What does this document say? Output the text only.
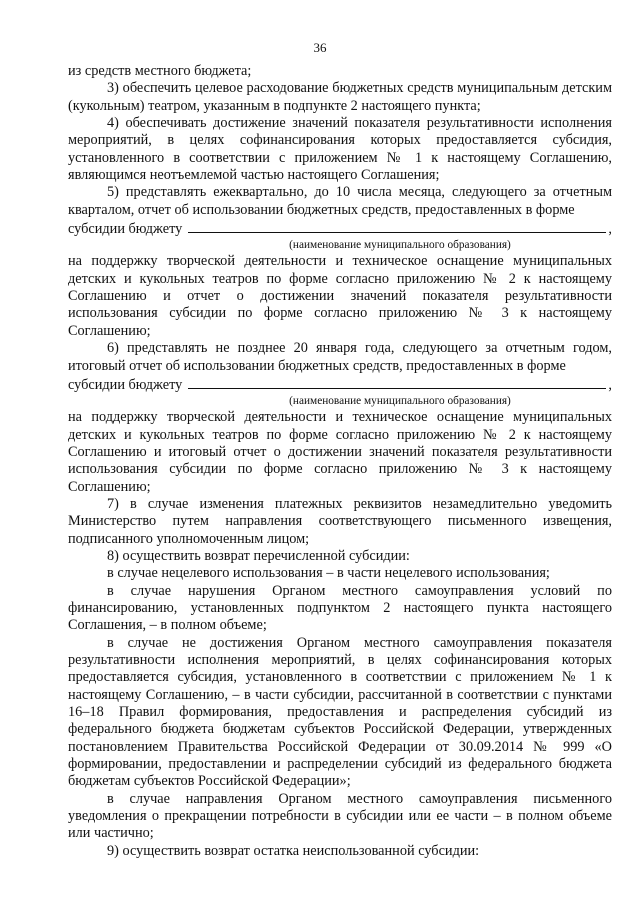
36

из средств местного бюджета;

3) обеспечить целевое расходование бюджетных средств муниципальным детским (кукольным) театром, указанным в подпункте 2 настоящего пункта;

4) обеспечивать достижение значений показателя результативности исполнения мероприятий, в целях софинансирования которых предоставляется субсидия, установленного в соответствии с приложением № 1 к настоящему Соглашению, являющимся неотъемлемой частью настоящего Соглашения;

5) представлять ежеквартально, до 10 числа месяца, следующего за отчетным кварталом, отчет об использовании бюджетных средств, предоставленных в форме

субсидии бюджету	,
(наименование муниципального образования)

на поддержку творческой деятельности и техническое оснащение муниципальных детских и кукольных театров по форме согласно приложению № 2 к настоящему Соглашению и отчет о достижении значений показателя результативности использования субсидии по форме согласно приложению № 3 к настоящему Соглашению;

6) представлять не позднее 20 января года, следующего за отчетным годом, итоговый отчет об использовании бюджетных средств, предоставленных в форме

субсидии бюджету	,
(наименование муниципального образования)

на поддержку творческой деятельности и техническое оснащение муниципальных детских и кукольных театров по форме согласно приложению № 2 к настоящему Соглашению и итоговый отчет о достижении значений показателя результативности использования субсидии по форме согласно приложению № 3 к настоящему Соглашению;

7) в случае изменения платежных реквизитов незамедлительно уведомить Министерство путем направления соответствующего письменного извещения, подписанного уполномоченным лицом;

8) осуществить возврат перечисленной субсидии:

в случае нецелевого использования – в части нецелевого использования;

в случае нарушения Органом местного самоуправления условий по финансированию, установленных подпунктом 2 настоящего пункта настоящего Соглашения, – в полном объеме;

в случае не достижения Органом местного самоуправления показателя результативности исполнения мероприятий, в целях софинансирования которых предоставляется субсидия, установленного в соответствии с приложением № 1 к настоящему Соглашению, – в части субсидии, рассчитанной в соответствии с пунктами 16–18 Правил формирования, предоставления и распределения субсидий из федерального бюджета бюджетам субъектов Российской Федерации, утвержденных постановлением Правительства Российской Федерации от 30.09.2014 № 999 «О формировании, предоставлении и распределении субсидий из федерального бюджета бюджетам субъектов Российской Федерации»;

в случае направления Органом местного самоуправления письменного уведомления о прекращении потребности в субсидии или ее части – в полном объеме или частично;

9) осуществить возврат остатка неиспользованной субсидии:
